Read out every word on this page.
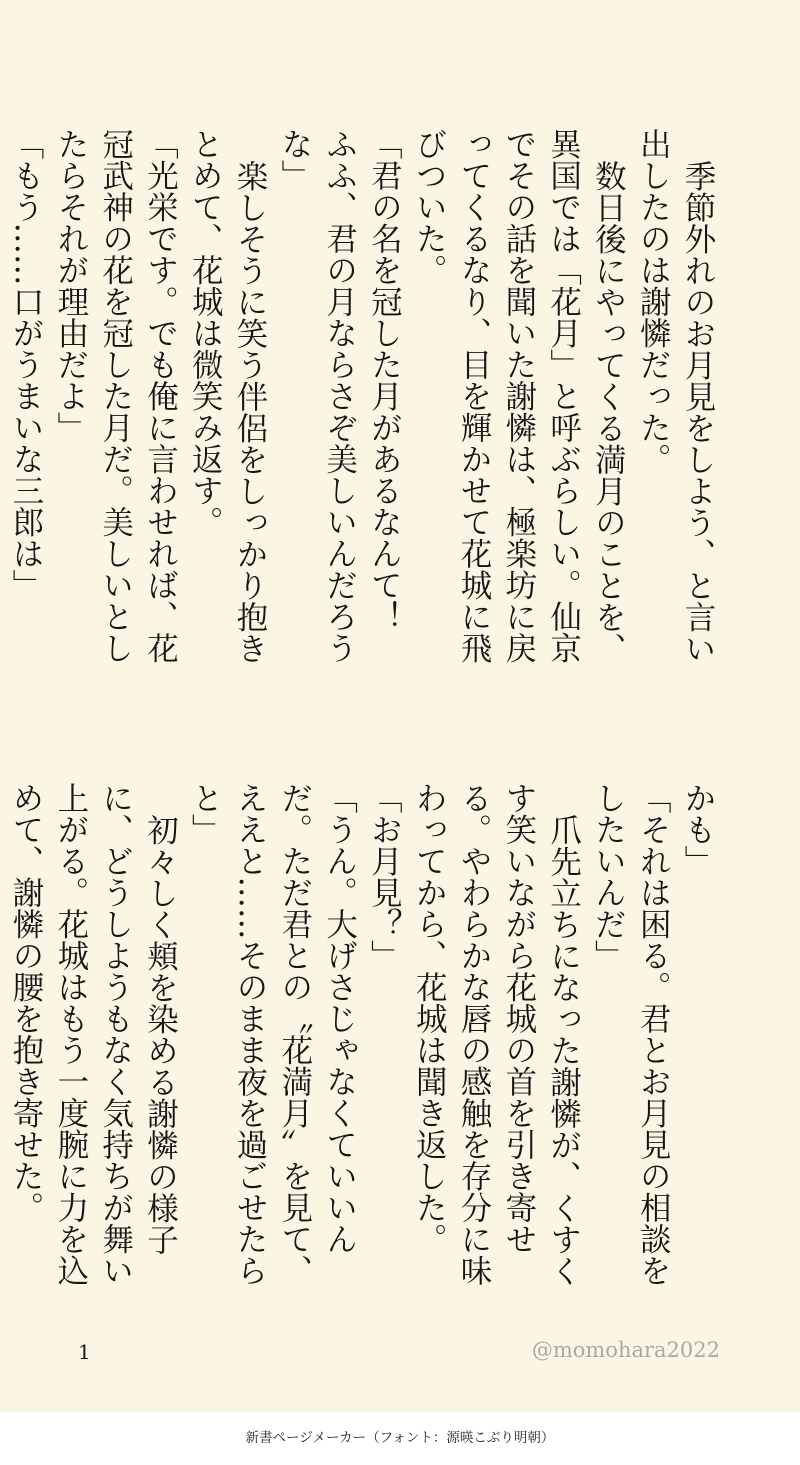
季節外れのお月見をしよう、と言い出したのは謝憐だった。

数日後にやってくる満月のことを、異国では「花月」と呼ぶらしい。仙京でその話を聞いた謝憐は、極楽坊に戻ってくるなり、目を輝かせて花城に飛びついた。

「君の名を冠した月があるなんて！　ふふ、君の月ならさぞ美しいんだろうな」

楽しそうに笑う伴侶をしっかり抱きとめて、花城は微笑み返す。

「光栄です。でも俺に言わせれば、花冠武神の花を冠した月だ。美しいとしたらそれが理由だよ」

「もう……口がうまいな三郎は」

かも」

「それは困る。君とお月見の相談をしたいんだ」

爪先立ちになった謝憐が、くすくす笑いながら花城の首を引き寄せる。やわらかな唇の感触を存分に味わってから、花城は聞き返した。

「お月見？」

「うん。大げさじゃなくていいんだ。ただ君との〝花満月〟を見て、ええと……そのまま夜を過ごせたらと」

初々しく頬を染める謝憐の様子に、どうしようもなく気持ちが舞い上がる。花城はもう一度腕に力を込めて、謝憐の腰を抱き寄せた。

1	@momohara2022
新書ページメーカー（フォント：源暎こぶり明朝）
